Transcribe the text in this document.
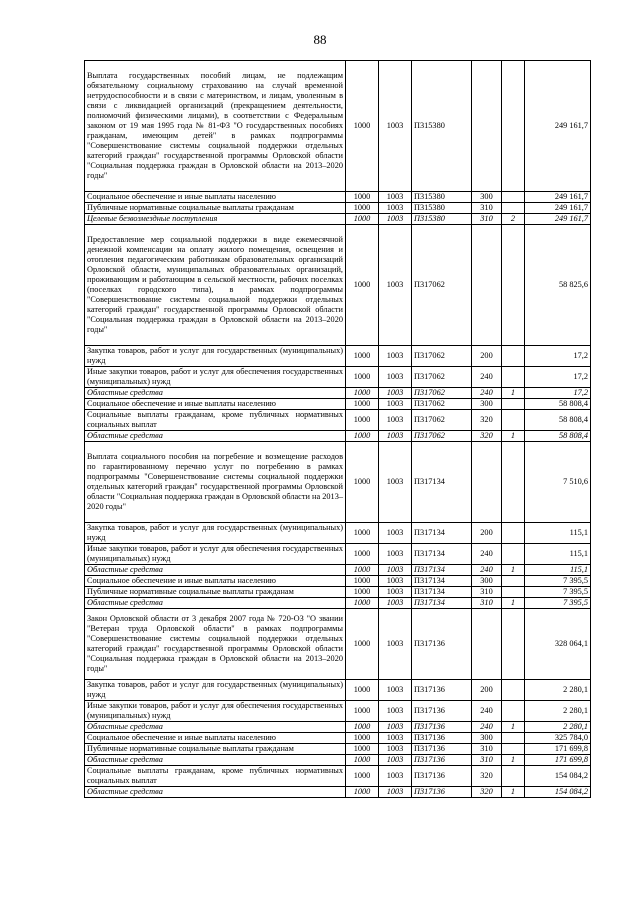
88
Выплата государственных пособий лицам, не подлежащим обязательному социальному страхованию на случай временной нетрудоспособности и в связи с материнством, и лицам, уволенным в связи с ликвидацией организаций (прекращением деятельности, полномочий физическими лицами), в соответствии с Федеральным законом от 19 мая 1995 года № 81-ФЗ "О государственных пособиях гражданам, имеющим детей" в рамках подпрограммы "Совершенствование системы социальной поддержки отдельных категорий граждан" государственной программы Орловской области "Социальная поддержка граждан в Орловской области на 2013–2020 годы"	1000	1003	П315380			249 161,7
Социальное обеспечение и иные выплаты населению	1000	1003	П315380	300		249 161,7
Публичные нормативные социальные выплаты гражданам	1000	1003	П315380	310		249 161,7
Целевые безвозмездные поступления	1000	1003	П315380	310	2	249 161,7
Предоставление мер социальной поддержки в виде ежемесячной денежной компенсации на оплату жилого помещения, освещения и отопления педагогическим работникам образовательных организаций Орловской области, муниципальных образовательных организаций, проживающим и работающим в сельской местности, рабочих поселках (поселках городского типа), в рамках подпрограммы "Совершенствование системы социальной поддержки отдельных категорий граждан" государственной программы Орловской области "Социальная поддержка граждан в Орловской области на 2013–2020 годы"	1000	1003	П317062			58 825,6
Закупка товаров, работ и услуг для государственных (муниципальных) нужд	1000	1003	П317062	200		17,2
Иные закупки товаров, работ и услуг для обеспечения государственных (муниципальных) нужд	1000	1003	П317062	240		17,2
Областные средства	1000	1003	П317062	240	1	17,2
Социальное обеспечение и иные выплаты населению	1000	1003	П317062	300		58 808,4
Социальные выплаты гражданам, кроме публичных нормативных социальных выплат	1000	1003	П317062	320		58 808,4
Областные средства	1000	1003	П317062	320	1	58 808,4
Выплата социального пособия на погребение и возмещение расходов по гарантированному перечню услуг по погребению в рамках подпрограммы "Совершенствование системы социальной поддержки отдельных категорий граждан" государственной программы Орловской области "Социальная поддержка граждан в Орловской области на 2013–2020 годы"	1000	1003	П317134			7 510,6
Закупка товаров, работ и услуг для государственных (муниципальных) нужд	1000	1003	П317134	200		115,1
Иные закупки товаров, работ и услуг для обеспечения государственных (муниципальных) нужд	1000	1003	П317134	240		115,1
Областные средства	1000	1003	П317134	240	1	115,1
Социальное обеспечение и иные выплаты населению	1000	1003	П317134	300		7 395,5
Публичные нормативные социальные выплаты гражданам	1000	1003	П317134	310		7 395,5
Областные средства	1000	1003	П317134	310	1	7 395,5
Закон Орловской области от 3 декабря 2007 года № 720-ОЗ "О звании "Ветеран труда Орловской области" в рамках подпрограммы "Совершенствование системы социальной поддержки отдельных категорий граждан" государственной программы Орловской области "Социальная поддержка граждан в Орловской области на 2013–2020 годы"	1000	1003	П317136			328 064,1
Закупка товаров, работ и услуг для государственных (муниципальных) нужд	1000	1003	П317136	200		2 280,1
Иные закупки товаров, работ и услуг для обеспечения государственных (муниципальных) нужд	1000	1003	П317136	240		2 280,1
Областные средства	1000	1003	П317136	240	1	2 280,1
Социальное обеспечение и иные выплаты населению	1000	1003	П317136	300		325 784,0
Публичные нормативные социальные выплаты гражданам	1000	1003	П317136	310		171 699,8
Областные средства	1000	1003	П317136	310	1	171 699,8
Социальные выплаты гражданам, кроме публичных нормативных социальных выплат	1000	1003	П317136	320		154 084,2
Областные средства	1000	1003	П317136	320	1	154 084,2
